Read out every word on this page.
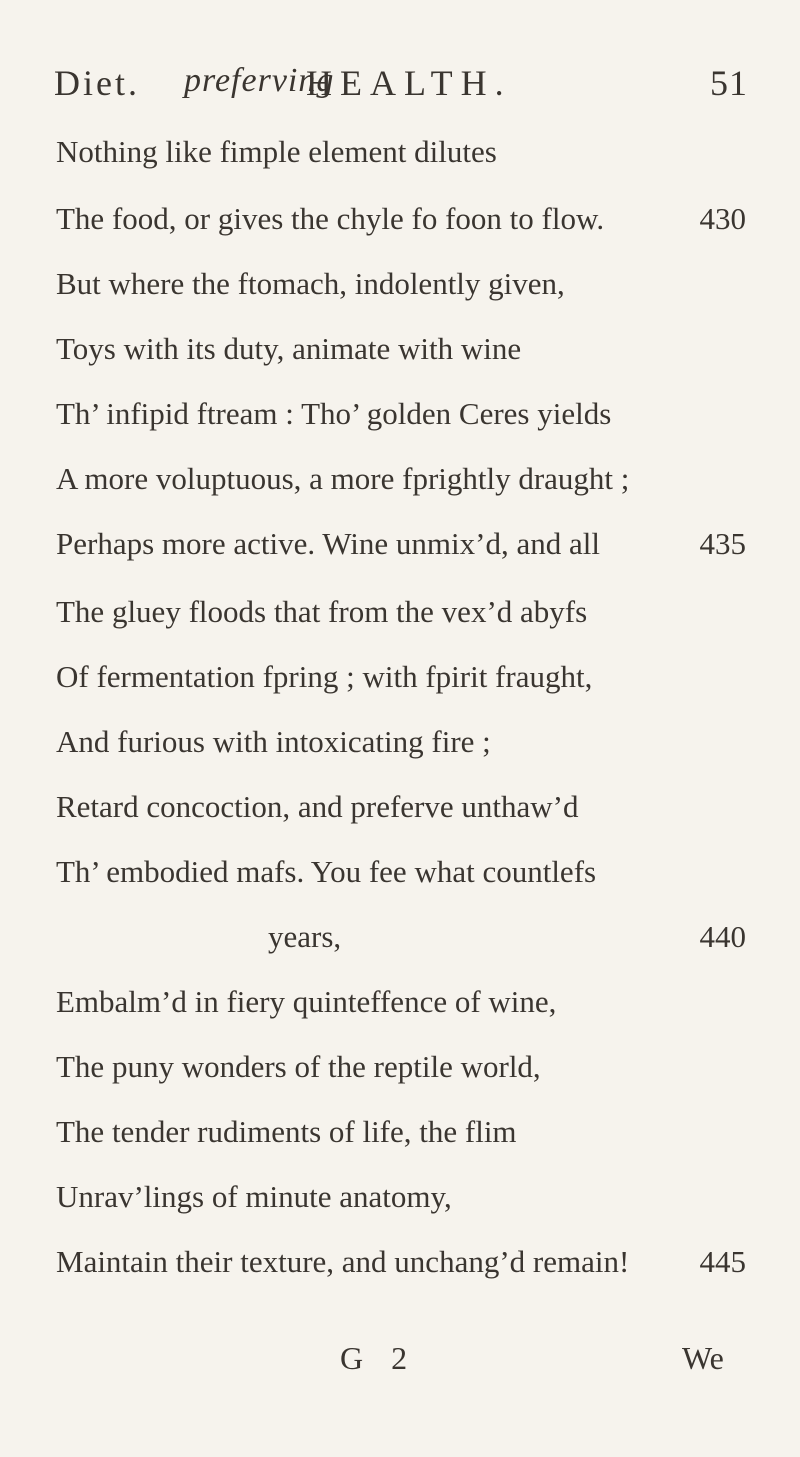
Diet. preferving
HEALTH.	51
Nothing like fimple element dilutes
The food, or gives the chyle fo foon to flow.	430
But where the ftomach, indolently given,
Toys with its duty, animate with wine
Th’ infipid ftream : Tho’ golden Ceres yields
A more voluptuous, a more fprightly draught ;
Perhaps more active. Wine unmix’d, and all	435
The gluey floods that from the vex’d abyfs
Of fermentation fpring ; with fpirit fraught,
And furious with intoxicating fire ;
Retard concoction, and preferve unthaw’d
Th’ embodied mafs. You fee what countlefs
years,	440
Embalm’d in fiery quinteffence of wine,
The puny wonders of the reptile world,
The tender rudiments of life, the flim
Unrav’lings of minute anatomy,
Maintain their texture, and unchang’d remain! 445
G 2	We
